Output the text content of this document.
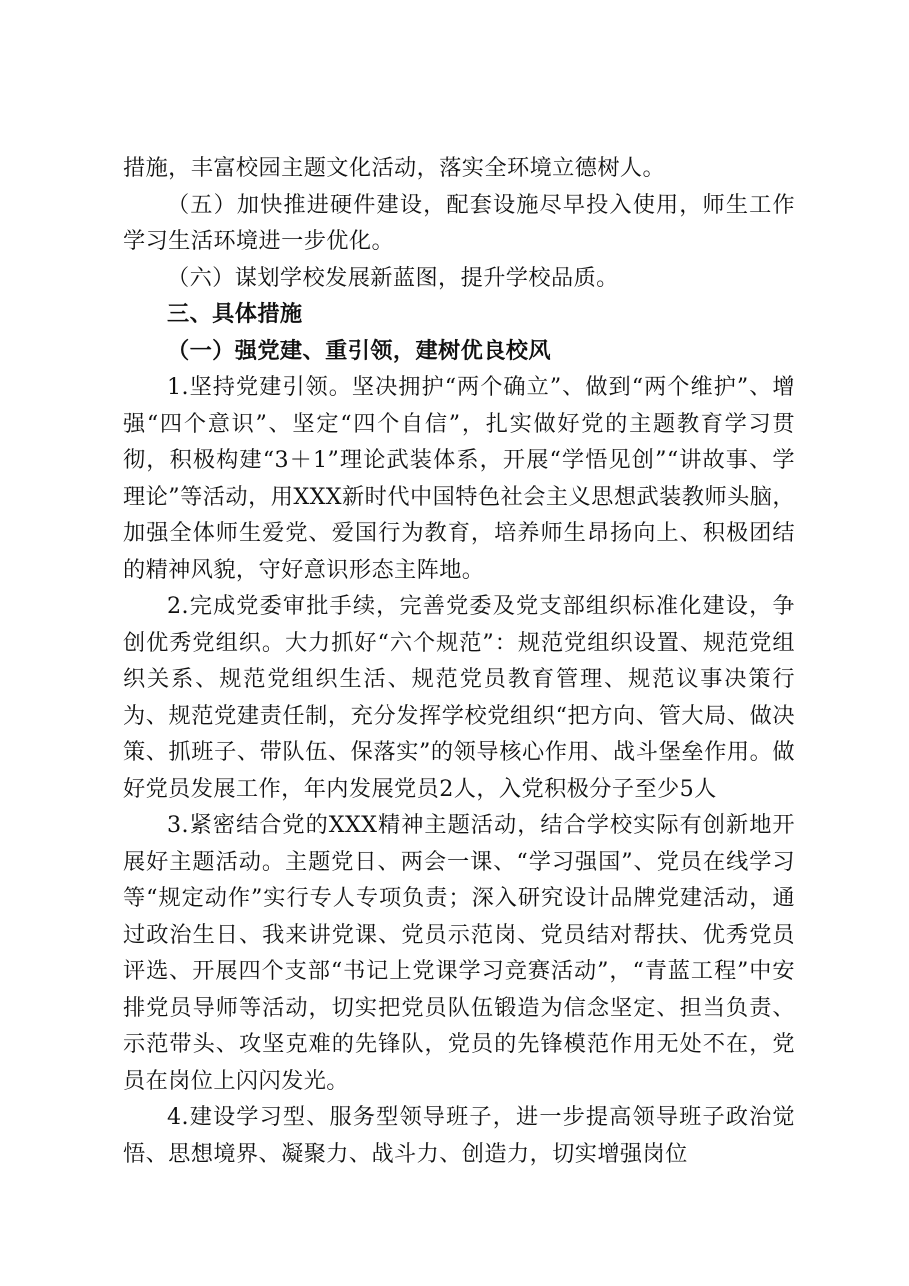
措施，丰富校园主题文化活动，落实全环境立德树人。

（五）加快推进硬件建设，配套设施尽早投入使用，师生工作学习生活环境进一步优化。

（六）谋划学校发展新蓝图，提升学校品质。

三、具体措施

（一）强党建、重引领，建树优良校风

1.坚持党建引领。坚决拥护“两个确立”、做到“两个维护”、增强“四个意识”、坚定“四个自信”，扎实做好党的主题教育学习贯彻，积极构建“3＋1”理论武装体系，开展“学悟见创”“讲故事、学理论”等活动，用XXX新时代中国特色社会主义思想武装教师头脑，加强全体师生爱党、爱国行为教育，培养师生昂扬向上、积极团结的精神风貌，守好意识形态主阵地。

2.完成党委审批手续，完善党委及党支部组织标准化建设，争创优秀党组织。大力抓好“六个规范”：规范党组织设置、规范党组织关系、规范党组织生活、规范党员教育管理、规范议事决策行为、规范党建责任制，充分发挥学校党组织“把方向、管大局、做决策、抓班子、带队伍、保落实”的领导核心作用、战斗堡垒作用。做好党员发展工作，年内发展党员2人，入党积极分子至少5人

3.紧密结合党的XXX精神主题活动，结合学校实际有创新地开展好主题活动。主题党日、两会一课、“学习强国”、党员在线学习等“规定动作”实行专人专项负责；深入研究设计品牌党建活动，通过政治生日、我来讲党课、党员示范岗、党员结对帮扶、优秀党员评选、开展四个支部“书记上党课学习竞赛活动”，“青蓝工程”中安排党员导师等活动，切实把党员队伍锻造为信念坚定、担当负责、示范带头、攻坚克难的先锋队，党员的先锋模范作用无处不在，党员在岗位上闪闪发光。

4.建设学习型、服务型领导班子，进一步提高领导班子政治觉悟、思想境界、凝聚力、战斗力、创造力，切实增强岗位
